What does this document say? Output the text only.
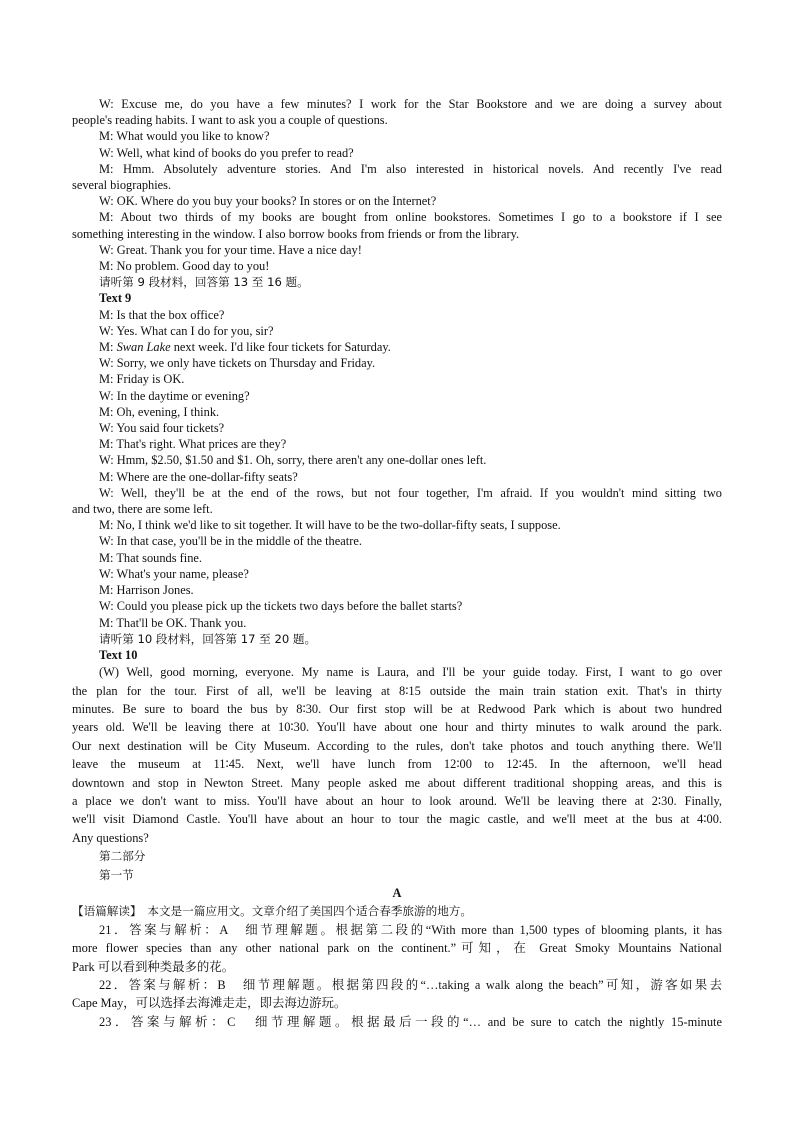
W: Excuse me, do you have a few minutes? I work for the Star Bookstore and we are doing a survey about
people's reading habits. I want to ask you a couple of questions.
M: What would you like to know?
W: Well, what kind of books do you prefer to read?
M: Hmm. Absolutely adventure stories. And I'm also interested in historical novels. And recently I've read
several biographies.
W: OK. Where do you buy your books? In stores or on the Internet?
M: About two thirds of my books are bought from online bookstores. Sometimes I go to a bookstore if I see
something interesting in the window. I also borrow books from friends or from the library.
W: Great. Thank you for your time. Have a nice day!
M: No problem. Good day to you!
请听第 9 段材料，回答第 13 至 16 题。
Text 9
M: Is that the box office?
W: Yes. What can I do for you, sir?
M: Swan Lake next week. I'd like four tickets for Saturday.
W: Sorry, we only have tickets on Thursday and Friday.
M: Friday is OK.
W: In the daytime or evening?
M: Oh, evening, I think.
W: You said four tickets?
M: That's right. What prices are they?
W: Hmm, $2.50, $1.50 and $1. Oh, sorry, there aren't any one-dollar ones left.
M: Where are the one-dollar-fifty seats?
W: Well, they'll be at the end of the rows, but not four together, I'm afraid. If you wouldn't mind sitting two
and two, there are some left.
M: No, I think we'd like to sit together. It will have to be the two-dollar-fifty seats, I suppose.
W: In that case, you'll be in the middle of the theatre.
M: That sounds fine.
W: What's your name, please?
M: Harrison Jones.
W: Could you please pick up the tickets two days before the ballet starts?
M: That'll be OK. Thank you.
请听第 10 段材料，回答第 17 至 20 题。
Text 10
(W) Well, good morning, everyone. My name is Laura, and I'll be your guide today. First, I want to go over
the plan for the tour. First of all, we'll be leaving at 8∶15 outside the main train station exit. That's in thirty
minutes. Be sure to board the bus by 8∶30. Our first stop will be at Redwood Park which is about two hundred
years old. We'll be leaving there at 10∶30. You'll have about one hour and thirty minutes to walk around the park.
Our next destination will be City Museum. According to the rules, don't take photos and touch anything there. We'll
leave the museum at 11∶45. Next, we'll have lunch from 12∶00 to 12∶45. In the afternoon, we'll head
downtown and stop in Newton Street. Many people asked me about different traditional shopping areas, and this is
a place we don't want to miss. You'll have about an hour to look around. We'll be leaving there at 2∶30. Finally,
we'll visit Diamond Castle. You'll have about an hour to tour the magic castle, and we'll meet at the bus at 4∶00.
Any questions?
第二部分
第一节
A
【语篇解读】　本文是一篇应用文。文章介绍了美国四个适合春季旅游的地方。
21．答案与解析：A　细节理解题。根据第二段的“With more than 1,500 types of blooming plants, it has
more flower species than any other national park on the continent.”可知，在 Great Smoky Mountains National
Park 可以看到种类最多的花。
22．答案与解析：B　细节理解题。根据第四段的“…taking a walk along the beach”可知，游客如果去
Cape May，可以选择去海滩走走，即去海边游玩。
23．答案与解析：C　细节理解题。根据最后一段的“… and be sure to catch the nightly 15-minute
